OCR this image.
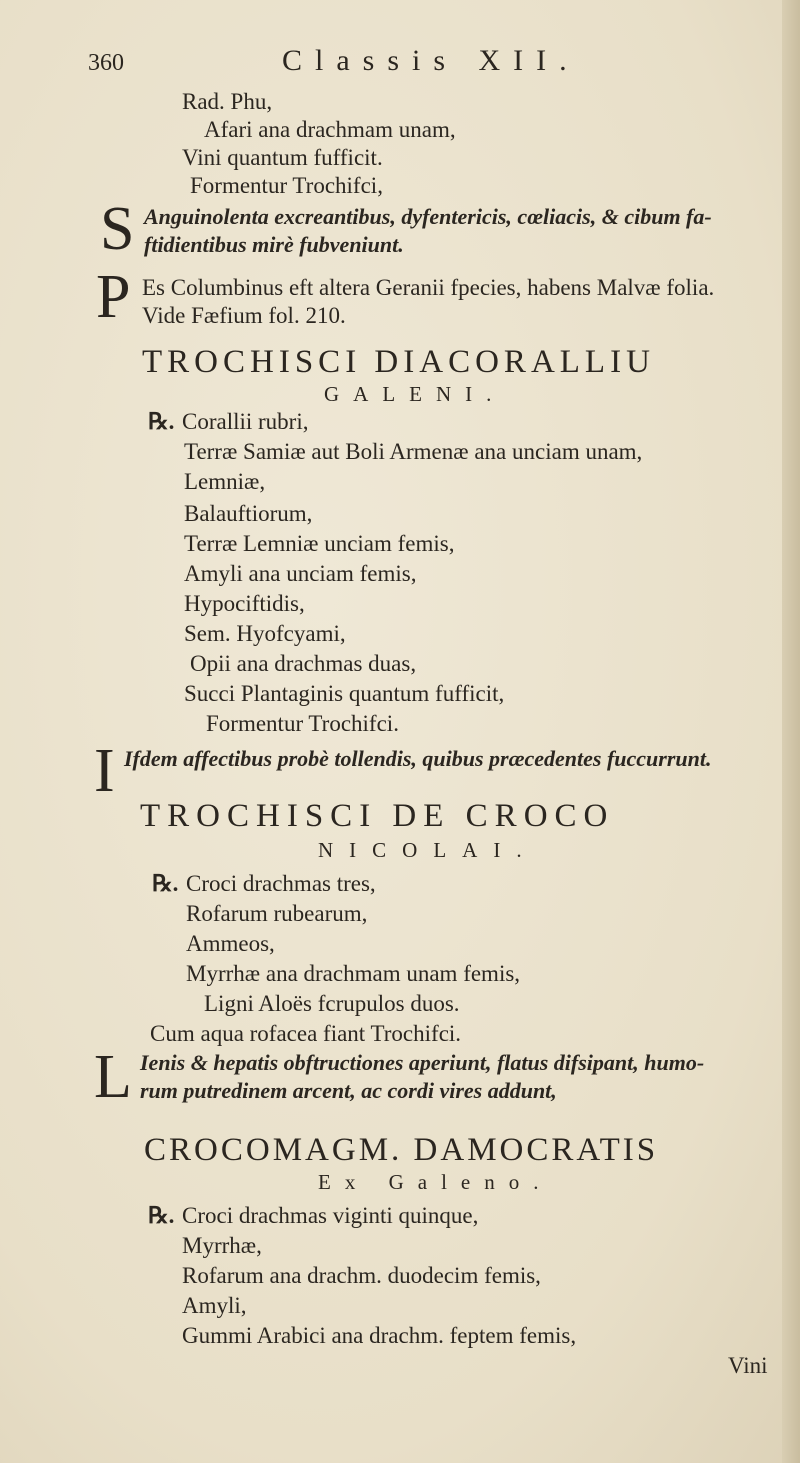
360	Classis XII.
Rad. Phu,
Afari ana drachmam unam,
Vini quantum fufficit.
Formentur Trochifci,
S Anguinolenta excreantibus, dyfentericis, cœliacis, & cibum fa-
ftidientibus mirè fubveniunt.
P Es Columbinus eft altera Geranii fpecies, habens Malvæ folia.
Vide Fæfium fol. 210.
TROCHISCI DIACORALLIU
GALENI.
℞. Corallii rubri,
Terræ Samiæ aut Boli Armenæ ana unciam unam,
Lemniæ,
Balauftiorum,
Terræ Lemniæ unciam femis,
Amyli ana unciam femis,
Hypociftidis,
Sem. Hyofcyami,
Opii ana drachmas duas,
Succi Plantaginis quantum fufficit,
Formentur Trochifci.
I Ifdem affectibus probè tollendis, quibus præcedentes fuccurrunt.
TROCHISCI DE CROCO
NICOLAI.
℞. Croci drachmas tres,
Rofarum rubearum,
Ammeos,
Myrrhæ ana drachmam unam femis,
Ligni Aloës fcrupulos duos.
Cum aqua rofacea fiant Trochifci.
L Ienis & hepatis obftructiones aperiunt, flatus difsipant, humo-
rum putredinem arcent, ac cordi vires addunt,
CROCOMAGM. DAMOCRATIS
Ex Galeno.
℞. Croci drachmas viginti quinque,
Myrrhæ,
Rofarum ana drachm. duodecim femis,
Amyli,
Gummi Arabici ana drachm. feptem femis,
Vini
